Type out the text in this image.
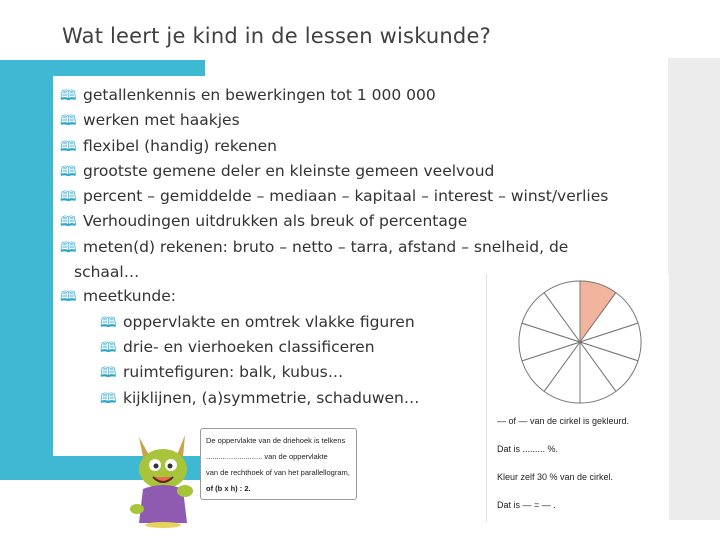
Wat leert je kind in de lessen wiskunde?
🕮 getallenkennis en bewerkingen tot 1 000 000
🕮 werken met haakjes
🕮 flexibel (handig) rekenen
🕮 grootste gemene deler en kleinste gemeen veelvoud
🕮 percent – gemiddelde – mediaan – kapitaal – interest – winst/verlies
🕮 Verhoudingen uitdrukken als breuk of percentage
🕮 meten(d) rekenen: bruto – netto – tarra, afstand – snelheid, de
schaal…
🕮 meetkunde:
🕮 oppervlakte en omtrek vlakke figuren
🕮 drie- en vierhoeken classificeren
🕮 ruimtefiguren: balk, kubus…
🕮 kijklijnen, (a)symmetrie, schaduwen…
— of — van de cirkel is gekleurd.
Dat is ......... %.
Kleur zelf 30 % van de cirkel.
Dat is — = — .
De oppervlakte van de driehoek is telkens
........................... van de oppervlakte
van de rechthoek of van het parallellogram,
of (b x h) : 2.
